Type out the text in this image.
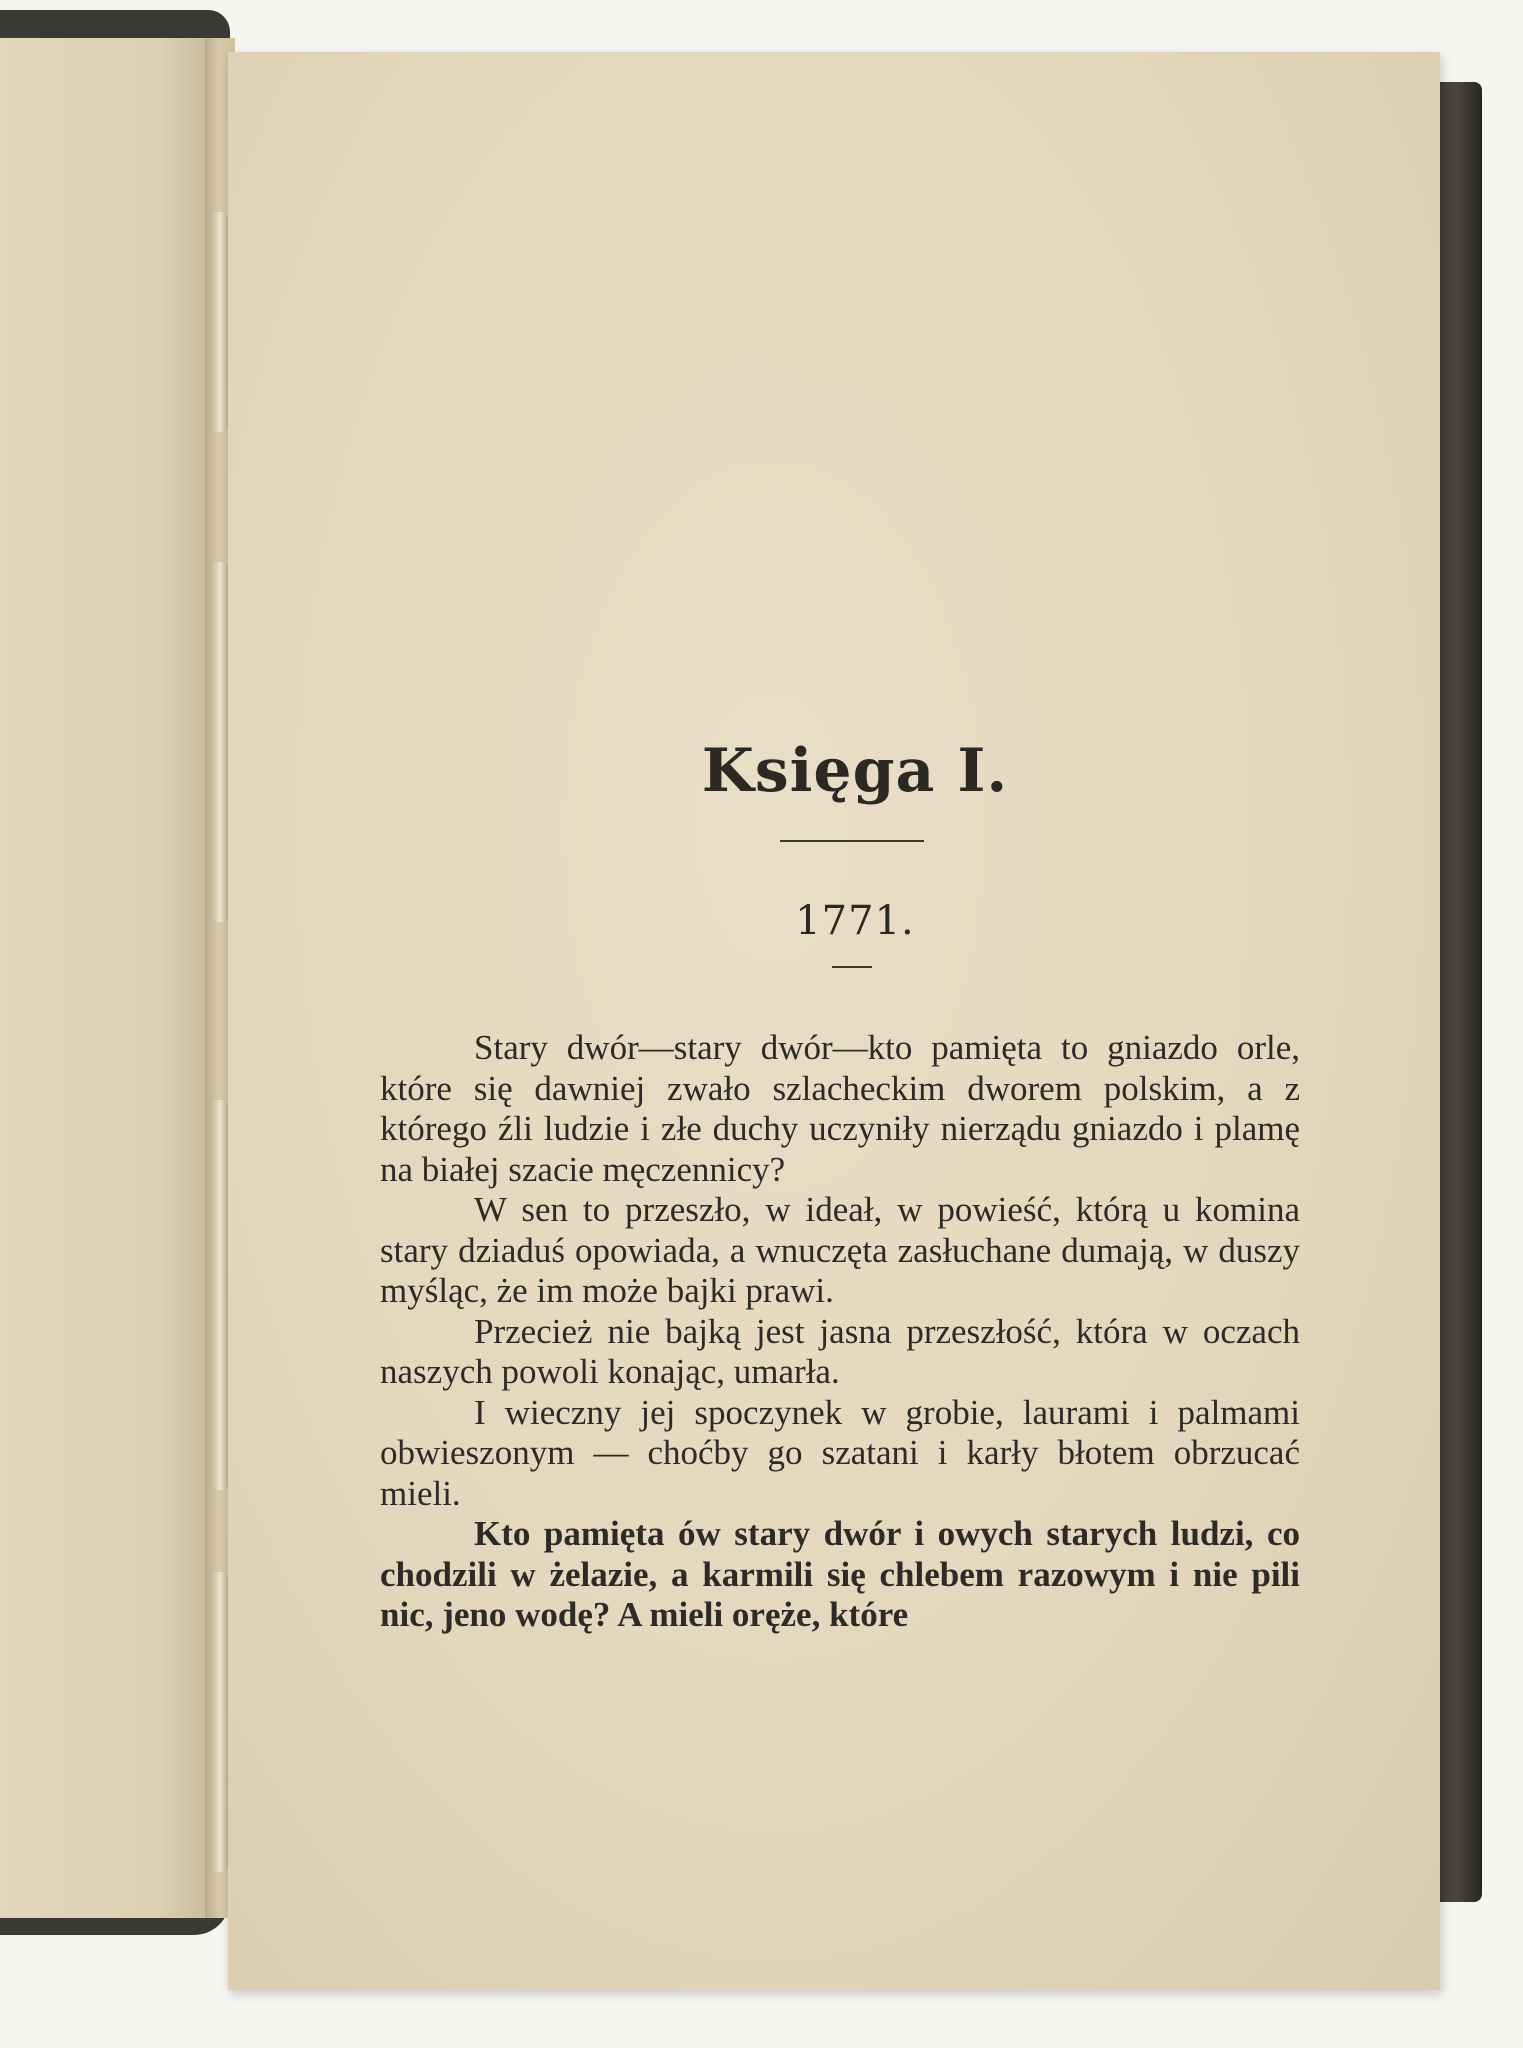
Księga I.
1771.

Stary dwór—stary dwór—kto pamięta to gniazdo orle, które się dawniej zwało szlacheckim dworem polskim, a z którego źli ludzie i złe duchy uczyniły nierządu gniazdo i plamę na białej szacie męczennicy?

W sen to przeszło, w ideał, w powieść, którą u komina stary dziaduś opowiada, a wnuczęta zasłuchane dumają, w duszy myśląc, że im może bajki prawi.

Przecież nie bajką jest jasna przeszłość, która w oczach naszych powoli konając, umarła.

I wieczny jej spoczynek w grobie, laurami i palmami obwieszonym — choćby go szatani i karły błotem obrzucać mieli.

Kto pamięta ów stary dwór i owych starych ludzi, co chodzili w żelazie, a karmili się chlebem razowym i nie pili nic, jeno wodę? A mieli oręże, które
